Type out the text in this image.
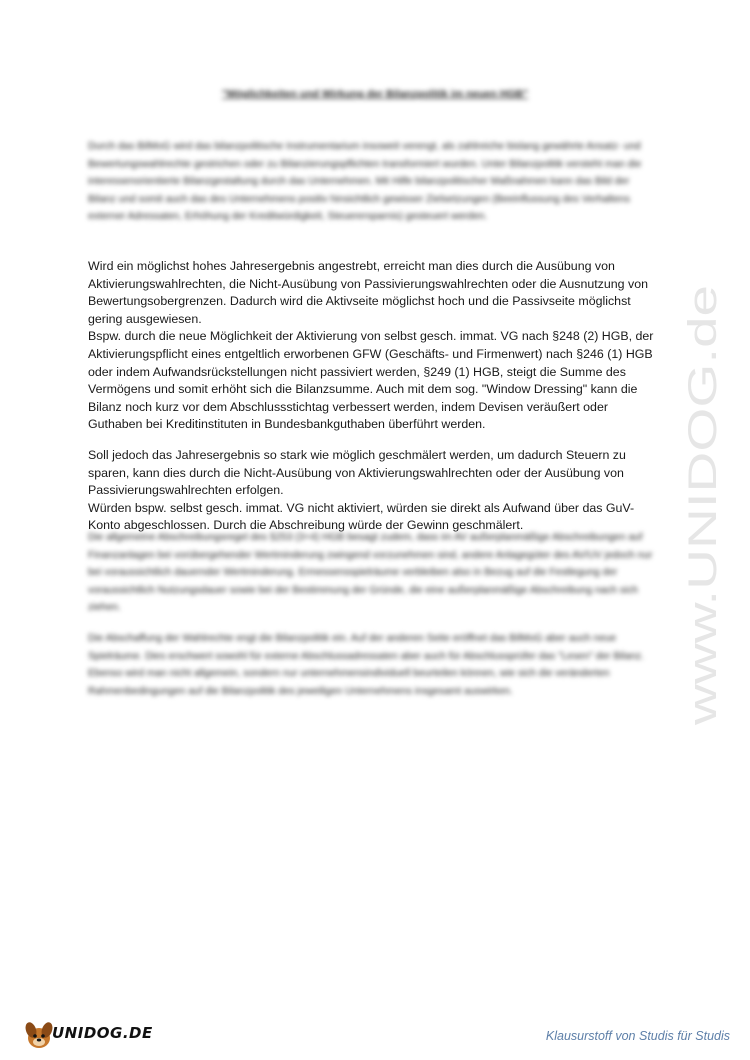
"Möglichkeiten und Wirkung der Bilanzpolitik im neuen HGB"

Durch das BilMoG wird das bilanzpolitische Instrumentarium insoweit verengt, als zahlreiche bislang gewährte Ansatz- und Bewertungswahlrechte gestrichen oder zu Bilanzierungspflichten transformiert wurden. Unter Bilanzpolitik versteht man die interessenorientierte Bilanzgestaltung durch das Unternehmen. Mit Hilfe bilanzpolitischer Maßnahmen kann das Bild der Bilanz und somit auch das des Unternehmens positiv hinsichtlich gewisser Zielsetzungen (Beeinflussung des Verhaltens externer Adressaten, Erhöhung der Kreditwürdigkeit, Steuerersparnis) gesteuert werden.

Wird ein möglichst hohes Jahresergebnis angestrebt, erreicht man dies durch die Ausübung von Aktivierungswahlrechten, die Nicht-Ausübung von Passivierungswahlrechten oder die Ausnutzung von Bewertungsobergrenzen. Dadurch wird die Aktivseite möglichst hoch und die Passivseite möglichst gering ausgewiesen.
Bspw. durch die neue Möglichkeit der Aktivierung von selbst gesch. immat. VG nach §248 (2) HGB, der Aktivierungspflicht eines entgeltlich erworbenen GFW (Geschäfts- und Firmenwert) nach §246 (1) HGB oder indem Aufwandsrückstellungen nicht passiviert werden, §249 (1) HGB, steigt die Summe des Vermögens und somit erhöht sich die Bilanzsumme. Auch mit dem sog. "Window Dressing" kann die Bilanz noch kurz vor dem Abschlussstichtag verbessert werden, indem Devisen veräußert oder Guthaben bei Kreditinstituten in Bundesbankguthaben überführt werden.

Soll jedoch das Jahresergebnis so stark wie möglich geschmälert werden, um dadurch Steuern zu sparen, kann dies durch die Nicht-Ausübung von Aktivierungswahlrechten oder der Ausübung von Passivierungswahlrechten erfolgen.
Würden bspw. selbst gesch. immat. VG nicht aktiviert, würden sie direkt als Aufwand über das GuV-Konto abgeschlossen. Durch die Abschreibung würde der Gewinn geschmälert.

Die allgemeine Abschreibungsregel des §253 (3+4) HGB besagt zudem, dass im AV außerplanmäßige Abschreibungen auf Finanzanlagen bei vorübergehender Wertminderung zwingend vorzunehmen sind, andere Anlagegüter des AV/UV jedoch nur bei voraussichtlich dauernder Wertminderung. Ermessensspielräume verbleiben also in Bezug auf die Festlegung der voraussichtlich Nutzungsdauer sowie bei der Bestimmung der Gründe, die eine außerplanmäßige Abschreibung nach sich ziehen.

Die Abschaffung der Wahlrechte engt die Bilanzpolitik ein. Auf der anderen Seite eröffnet das BilMoG aber auch neue Spielräume. Dies erschwert sowohl für externe Abschlussadressaten aber auch für Abschlussprüfer das "Lesen" der Bilanz. Ebenso wird man nicht allgemein, sondern nur unternehmensindividuell beurteilen können, wie sich die veränderten Rahmenbedingungen auf die Bilanzpolitik des jeweiligen Unternehmens insgesamt auswirken.	www.UNIDOG.de
UNIDOG.DE	Klausurstoff von Studis für Studis
